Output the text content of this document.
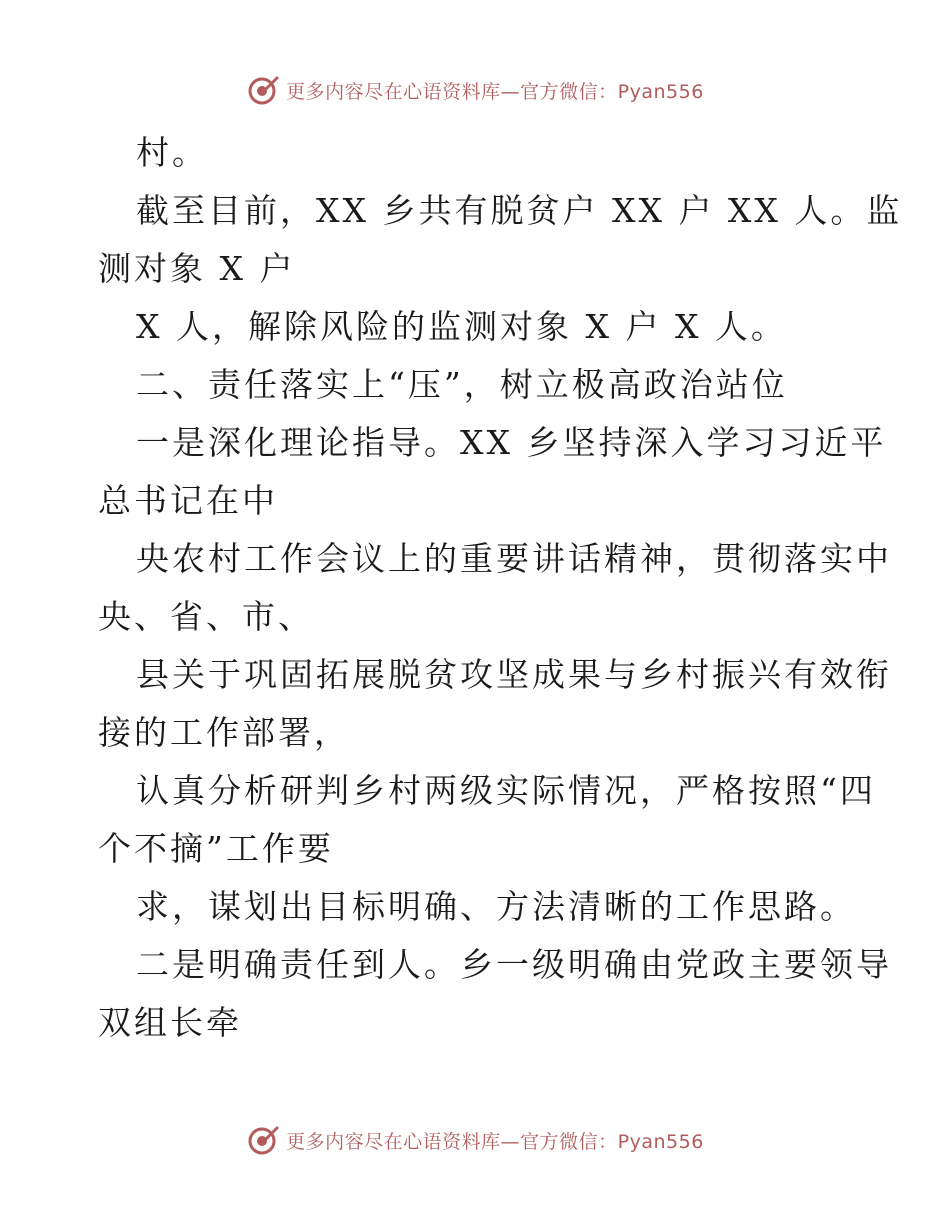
更多内容尽在心语资料库—官方微信：Pyan556
村。
截至目前，XX 乡共有脱贫户 XX 户 XX 人。监
测对象 X 户
X 人，解除风险的监测对象 X 户 X 人。
二、责任落实上“压”，树立极高政治站位
一是深化理论指导。XX 乡坚持深入学习习近平
总书记在中
央农村工作会议上的重要讲话精神，贯彻落实中
央、省、市、
县关于巩固拓展脱贫攻坚成果与乡村振兴有效衔
接的工作部署，
认真分析研判乡村两级实际情况，严格按照“四
个不摘”工作要
求，谋划出目标明确、方法清晰的工作思路。
二是明确责任到人。乡一级明确由党政主要领导
双组长牵
更多内容尽在心语资料库—官方微信：Pyan556
